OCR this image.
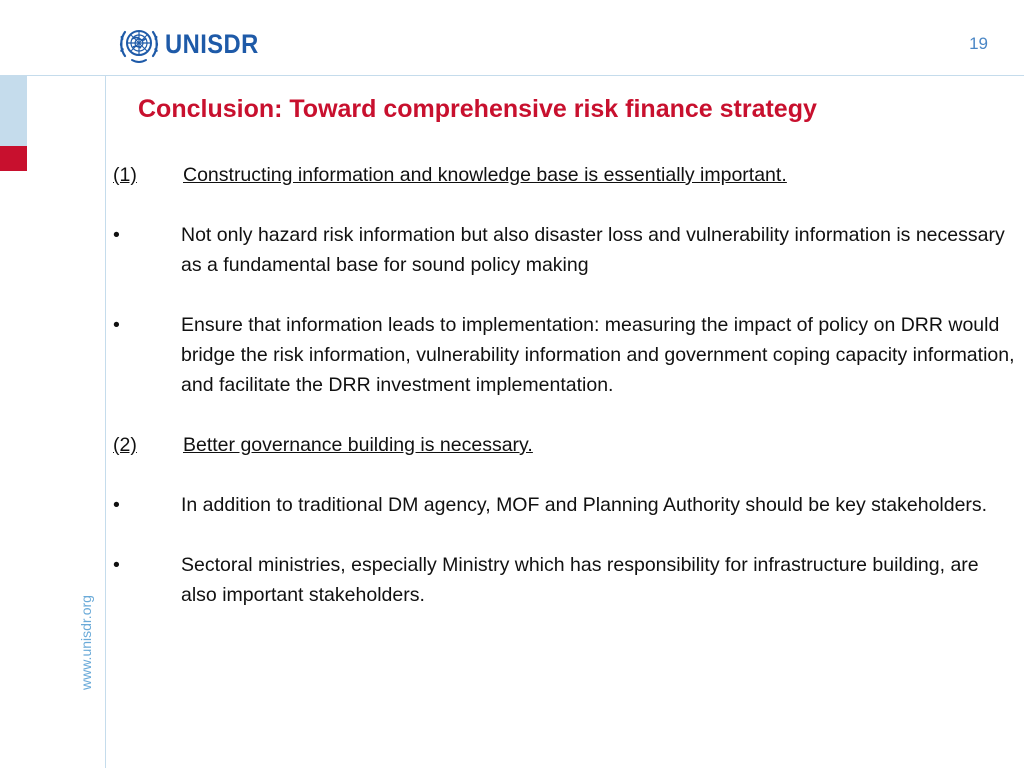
UNISDR	19
Conclusion: Toward comprehensive risk finance strategy
www.unisdr.org
(1)	Constructing information and knowledge base is essentially important.
•	Not only hazard risk information but also disaster loss and vulnerability information is necessary as a fundamental base for sound policy making
•	Ensure that information leads to implementation: measuring the impact of policy on DRR would bridge the risk information, vulnerability information and government coping capacity information, and facilitate the DRR investment implementation.
(2)	Better governance building is necessary.
•	In addition to traditional DM agency, MOF and Planning Authority should be key stakeholders.
•	Sectoral ministries, especially Ministry which has responsibility for infrastructure building, are also important stakeholders.
